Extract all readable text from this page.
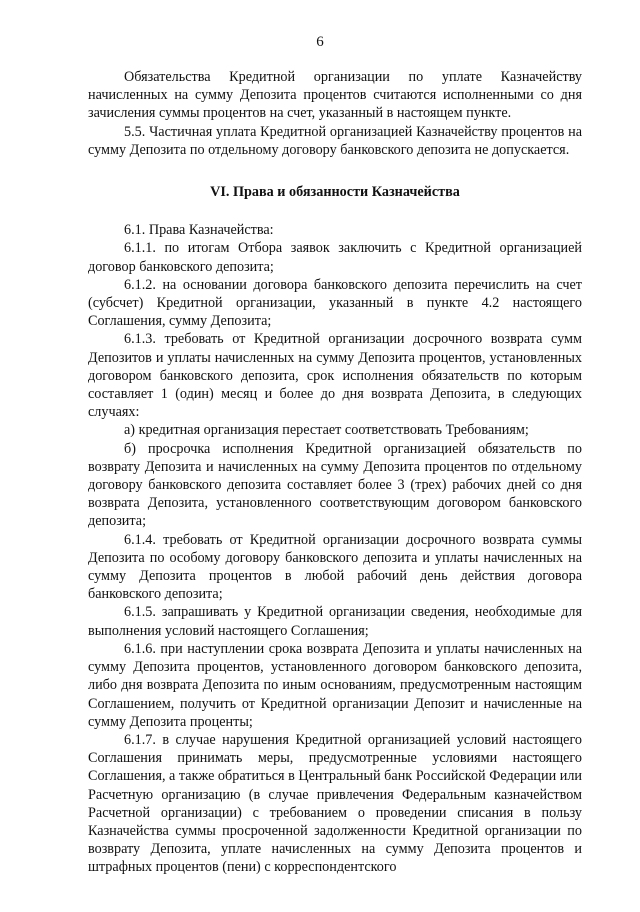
6

Обязательства Кредитной организации по уплате Казначейству начисленных на сумму Депозита процентов считаются исполненными со дня зачисления суммы процентов на счет, указанный в настоящем пункте.

5.5. Частичная уплата Кредитной организацией Казначейству процентов на сумму Депозита по отдельному договору банковского депозита не допускается.

VI. Права и обязанности Казначейства

6.1. Права Казначейства:

6.1.1. по итогам Отбора заявок заключить с Кредитной организацией договор банковского депозита;

6.1.2. на основании договора банковского депозита перечислить на счет (субсчет) Кредитной организации, указанный в пункте 4.2 настоящего Соглашения, сумму Депозита;

6.1.3. требовать от Кредитной организации досрочного возврата сумм Депозитов и уплаты начисленных на сумму Депозита процентов, установленных договором банковского депозита, срок исполнения обязательств по которым составляет 1 (один) месяц и более до дня возврата Депозита, в следующих случаях:

а) кредитная организация перестает соответствовать Требованиям;

б) просрочка исполнения Кредитной организацией обязательств по возврату Депозита и начисленных на сумму Депозита процентов по отдельному договору банковского депозита составляет более 3 (трех) рабочих дней со дня возврата Депозита, установленного соответствующим договором банковского депозита;

6.1.4. требовать от Кредитной организации досрочного возврата суммы Депозита по особому договору банковского депозита и уплаты начисленных на сумму Депозита процентов в любой рабочий день действия договора банковского депозита;

6.1.5. запрашивать у Кредитной организации сведения, необходимые для выполнения условий настоящего Соглашения;

6.1.6. при наступлении срока возврата Депозита и уплаты начисленных на сумму Депозита процентов, установленного договором банковского депозита, либо дня возврата Депозита по иным основаниям, предусмотренным настоящим Соглашением, получить от Кредитной организации Депозит и начисленные на сумму Депозита проценты;

6.1.7. в случае нарушения Кредитной организацией условий настоящего Соглашения принимать меры, предусмотренные условиями настоящего Соглашения, а также обратиться в Центральный банк Российской Федерации или Расчетную организацию (в случае привлечения Федеральным казначейством Расчетной организации) с требованием о проведении списания в пользу Казначейства суммы просроченной задолженности Кредитной организации по возврату Депозита, уплате начисленных на сумму Депозита процентов и штрафных процентов (пени) с корреспондентского
